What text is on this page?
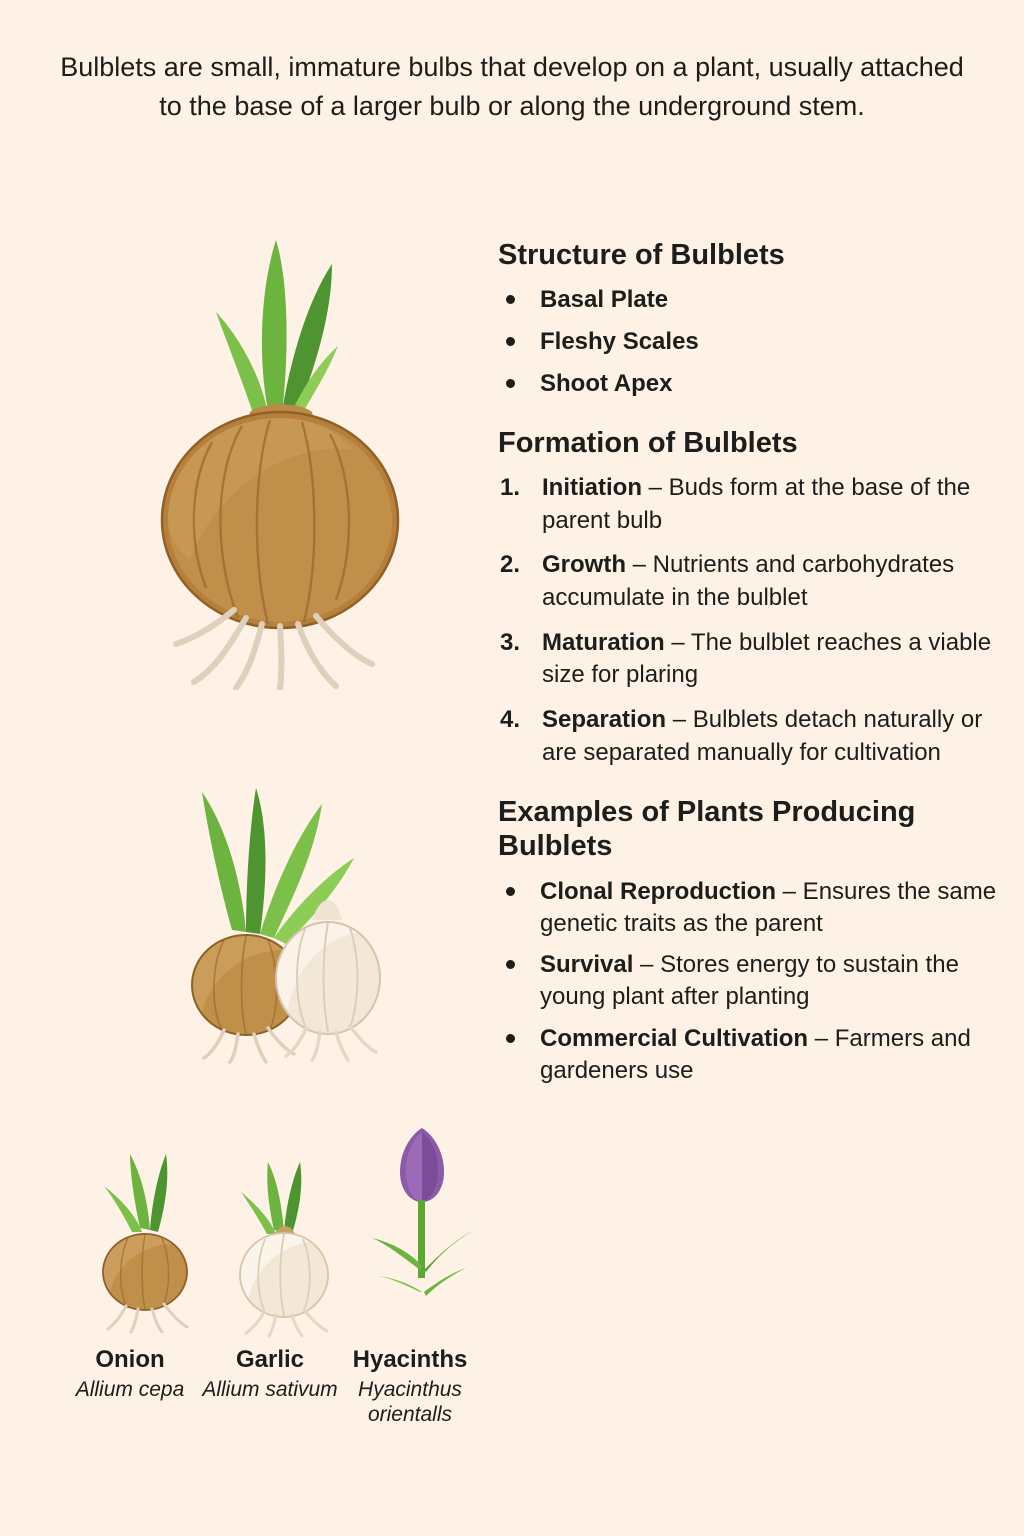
Bulblets are small, immature bulbs that develop on a plant, usually attached to the base of a larger bulb or along the underground stem.
Onion
Allium cepa
Garlic
Allium sativum
Hyacinths
Hyacinthus orientalls
Structure of Bulblets
Basal Plate
Fleshy Scales
Shoot Apex
Formation of Bulblets
1. Initiation – Buds form at the base of the parent bulb
2. Growth – Nutrients and carbohydrates accumulate in the bulblet
3. Maturation – The bulblet reaches a viable size for plaring
4. Separation – Bulblets detach naturally or are separated manually for cultivation
Examples of Plants Producing Bulblets
Clonal Reproduction – Ensures the same genetic traits as the parent
Survival – Stores energy to sustain the young plant after planting
Commercial Cultivation – Farmers and gardeners use
